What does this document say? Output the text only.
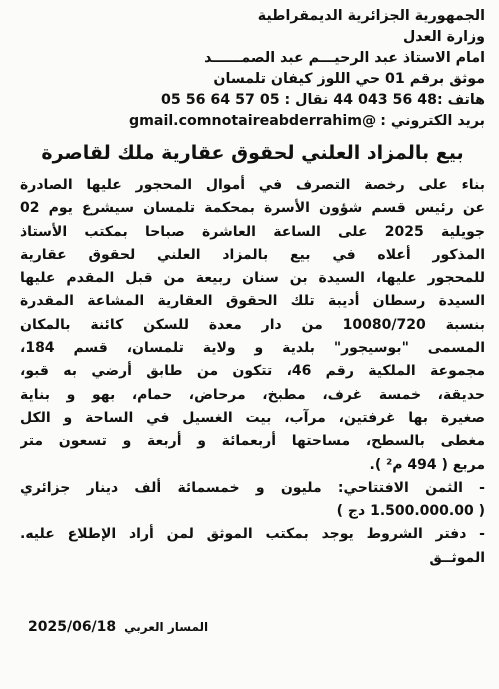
الجمهورية الجزائرية الديمقراطية
وزارة العدل
امام الاستاذ عبد الرحيـــم عبد الصمــــــد
موثق برقم 01 حي اللوز كيفان تلمسان
هاتف :48 56 043 44 نقال : 05 57 64 56 05
بريد الكتروني :
gmail.comnotaireabderrahim@
بيع بالمزاد العلني لحقوق عقارية ملك لقاصرة
بناء على رخصة التصرف في أموال المحجور عليها الصادرة
عن رئيس قسم شؤون الأسرة بمحكمة تلمسان سيشرع يوم 02
جويلية 2025 على الساعة العاشرة صباحا بمكتب الأستاذ
المذكور أعلاه في بيع بالمزاد العلني لحقوق عقارية
للمحجور عليها، السيدة بن سنان ربيعة من قبل المقدم عليها
السيدة رسطان أديبة تلك الحقوق العقارية المشاعة المقدرة
بنسبة 10080/720 من دار معدة للسكن كائنة بالمكان
المسمى "بوسيجور" بلدية و ولاية تلمسان، قسم 184،
مجموعة الملكية رقم 46، تتكون من طابق أرضي به قبو،
حديقة، خمسة غرف، مطبخ، مرحاض، حمام، بهو و بناية
صغيرة بها غرفتين، مرآب، بيت الغسيل في الساحة و الكل
مغطى بالسطح، مساحتها أربعمائة و أربعة و تسعون متر
مربع ( 494 م² ).
- الثمن الافتتاحي: مليون و خمسمائة ألف دينار جزائري
( 1.500.000.00 دج )
- دفتر الشروط يوجد بمكتب الموثق لمن أراد الإطلاع عليه.
الموثــق
2025/06/18 المسار العربي
